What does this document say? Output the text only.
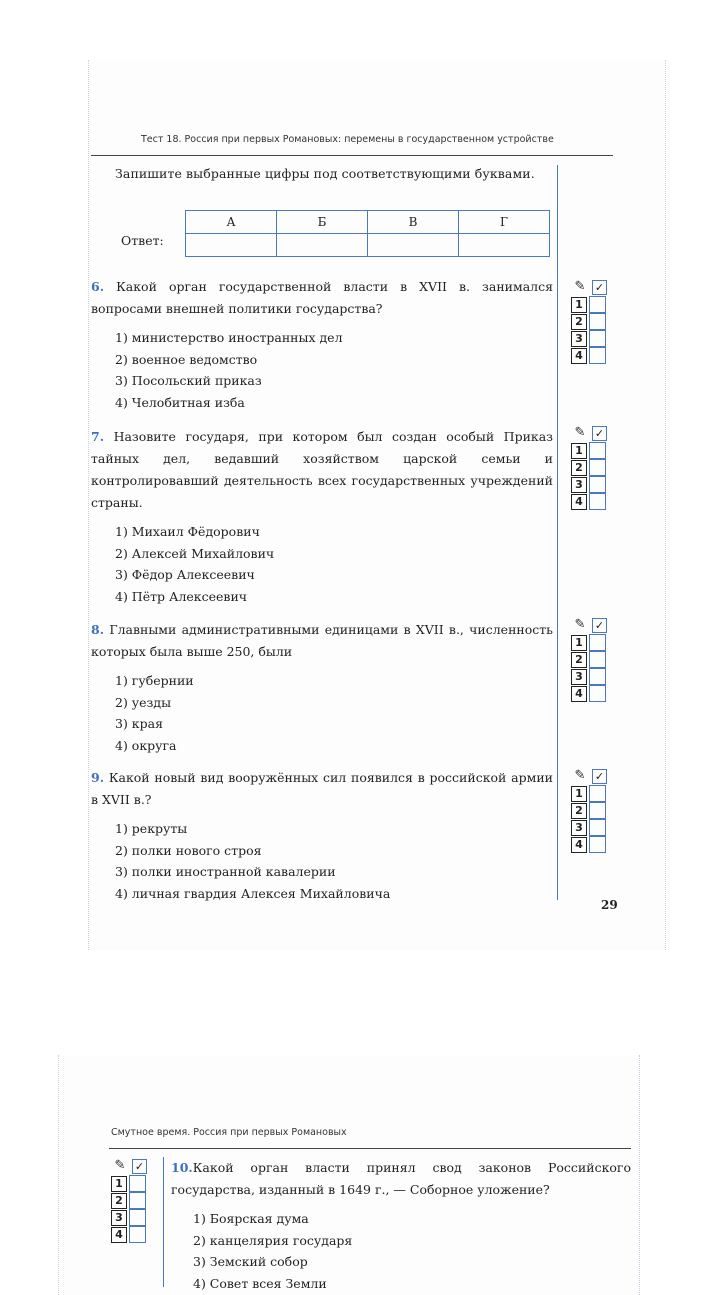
Тест 18. Россия при первых Романовых: перемены в государственном устройстве
Запишите выбранные цифры под соответствующими буквами.
Ответ:
А	Б	В	Г

6. Какой орган государственной власти в XVII в. занимался вопросами внешней политики государства?
1) министерство иностранных дел
2) военное ведомство
3) Посольский приказ
4) Челобитная изба
✎ ✓
1
2
3
4
7. Назовите государя, при котором был создан особый Приказ тайных дел, ведавший хозяйством царской семьи и контролировавший деятельность всех государственных учреждений страны.
1) Михаил Фёдорович
2) Алексей Михайлович
3) Фёдор Алексеевич
4) Пётр Алексеевич
✎ ✓
1
2
3
4
8. Главными административными единицами в XVII в., численность которых была выше 250, были
1) губернии
2) уезды
3) края
4) округа
✎ ✓
1
2
3
4
9. Какой новый вид вооружённых сил появился в российской армии в XVII в.?
1) рекруты
2) полки нового строя
3) полки иностранной кавалерии
4) личная гвардия Алексея Михайловича
✎ ✓
1
2
3
4
29
Смутное время. Россия при первых Романовых
✎ ✓
1
2
3
4
10.Какой орган власти принял свод законов Российского государства, изданный в 1649 г., — Соборное уложение?
1) Боярская дума
2) канцелярия государя
3) Земский собор
4) Совет всея Земли
